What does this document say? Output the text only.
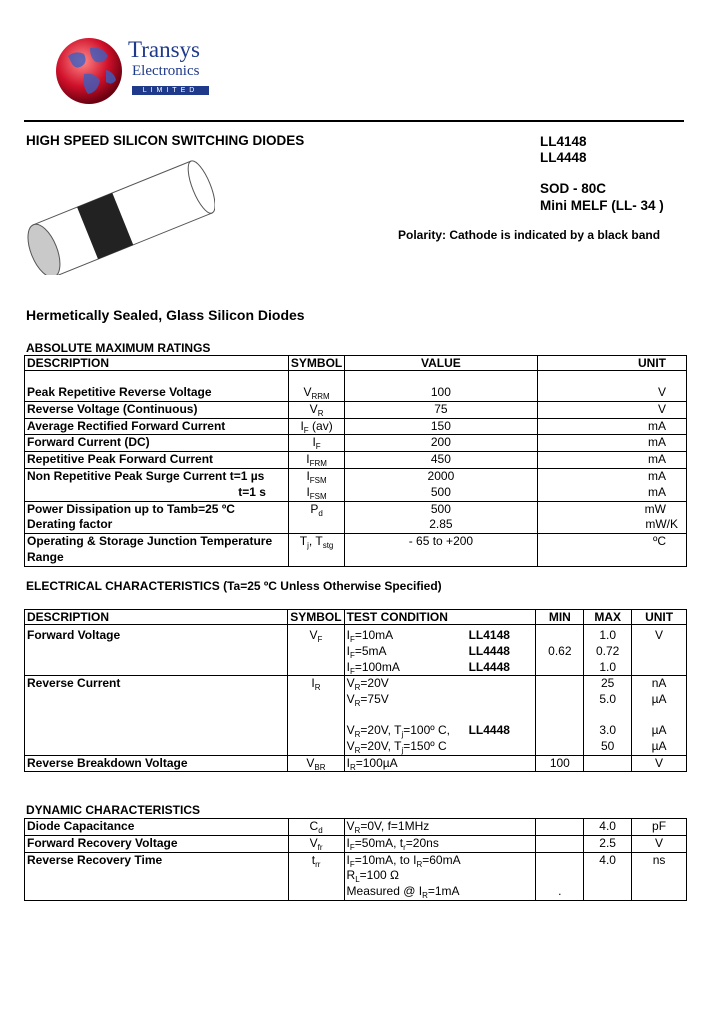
Transys
Electronics
LIMITED
HIGH SPEED SILICON SWITCHING DIODES	LL4148
LL4448
SOD - 80C
Mini MELF (LL- 34 )
Polarity: Cathode is indicated by a black band
Hermetically Sealed, Glass Silicon Diodes
ABSOLUTE MAXIMUM RATINGS
DESCRIPTION	SYMBOL	VALUE	UNIT

Peak Repetitive Reverse Voltage	$V_{RRM}$	100	V
Reverse Voltage (Continuous)	$V_R$	75	V
Average Rectified Forward Current	$I_F$ (av)	150	mA
Forward Current (DC)	$I_F$	200	mA
Repetitive Peak Forward Current	$I_{FRM}$	450	mA
Non Repetitive Peak Surge Current t=1 µs	$I_{FSM}$	2000	mA
t=1 s	$I_{FSM}$	500	mA
Power Dissipation up to Tamb=25 ºC	$P_d$	500	mW
Derating factor		2.85	mW/K
Operating & Storage Junction Temperature
Range	$T_j$, $T_{stg}$	- 65 to +200	ºC
ELECTRICAL CHARACTERISTICS (Ta=25 ºC Unless Otherwise Specified)
DESCRIPTION	SYMBOL	TEST CONDITION	MIN	MAX	UNIT

Forward Voltage	$V_F$	$I_F=10mA$ LL4148		1.0	V
		$I_F=5mA$ LL4448	0.62	0.72	
		$I_F=100mA$ LL4448		1.0	
Reverse Current	$I_R$	$V_R=20V$		25	nA
		$V_R=75V$		5.0	µA

		$V_R=20V$, $T_j=100º$ C, LL4448		3.0	µA
		$V_R=20V$, $T_j=150º$ C		50	µA
Reverse Breakdown Voltage	$V_{BR}$	$I_R=100\mu A$	100		V
DYNAMIC CHARACTERISTICS
Diode Capacitance	$C_d$	$V_R=0V$, f=1MHz		4.0	pF
Forward Recovery Voltage	$V_{fr}$	$I_F=50mA$, $t_r=20ns$		2.5	V
Reverse Recovery Time	$t_{rr}$	$I_F=10mA$, to $I_R=60mA$		4.0	ns
		$R_L=100$ Ω			
		Measured @ $I_R=1mA$	.		
